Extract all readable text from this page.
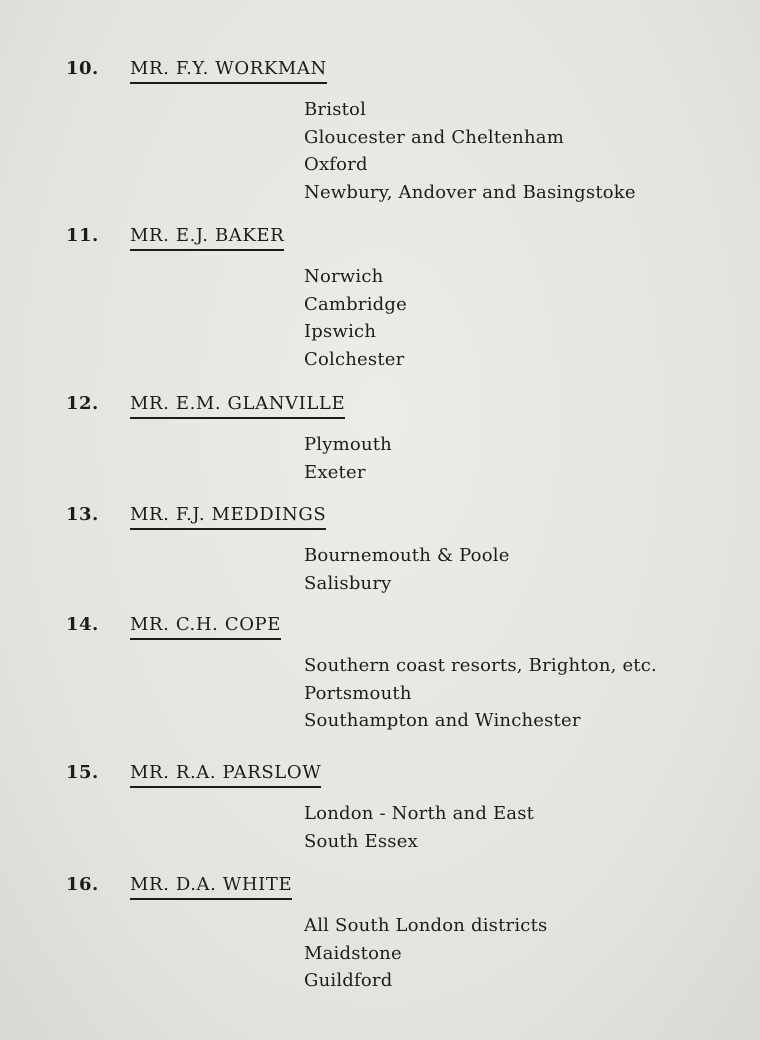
10. MR. F.Y. WORKMAN
Bristol
Gloucester and Cheltenham
Oxford
Newbury, Andover and Basingstoke
11. MR. E.J. BAKER
Norwich
Cambridge
Ipswich
Colchester
12. MR. E.M. GLANVILLE
Plymouth
Exeter
13. MR. F.J. MEDDINGS
Bournemouth & Poole
Salisbury
14. MR. C.H. COPE
Southern coast resorts, Brighton, etc.
Portsmouth
Southampton and Winchester
15. MR. R.A. PARSLOW
London - North and East
South Essex
16. MR. D.A. WHITE
All South London districts
Maidstone
Guildford
